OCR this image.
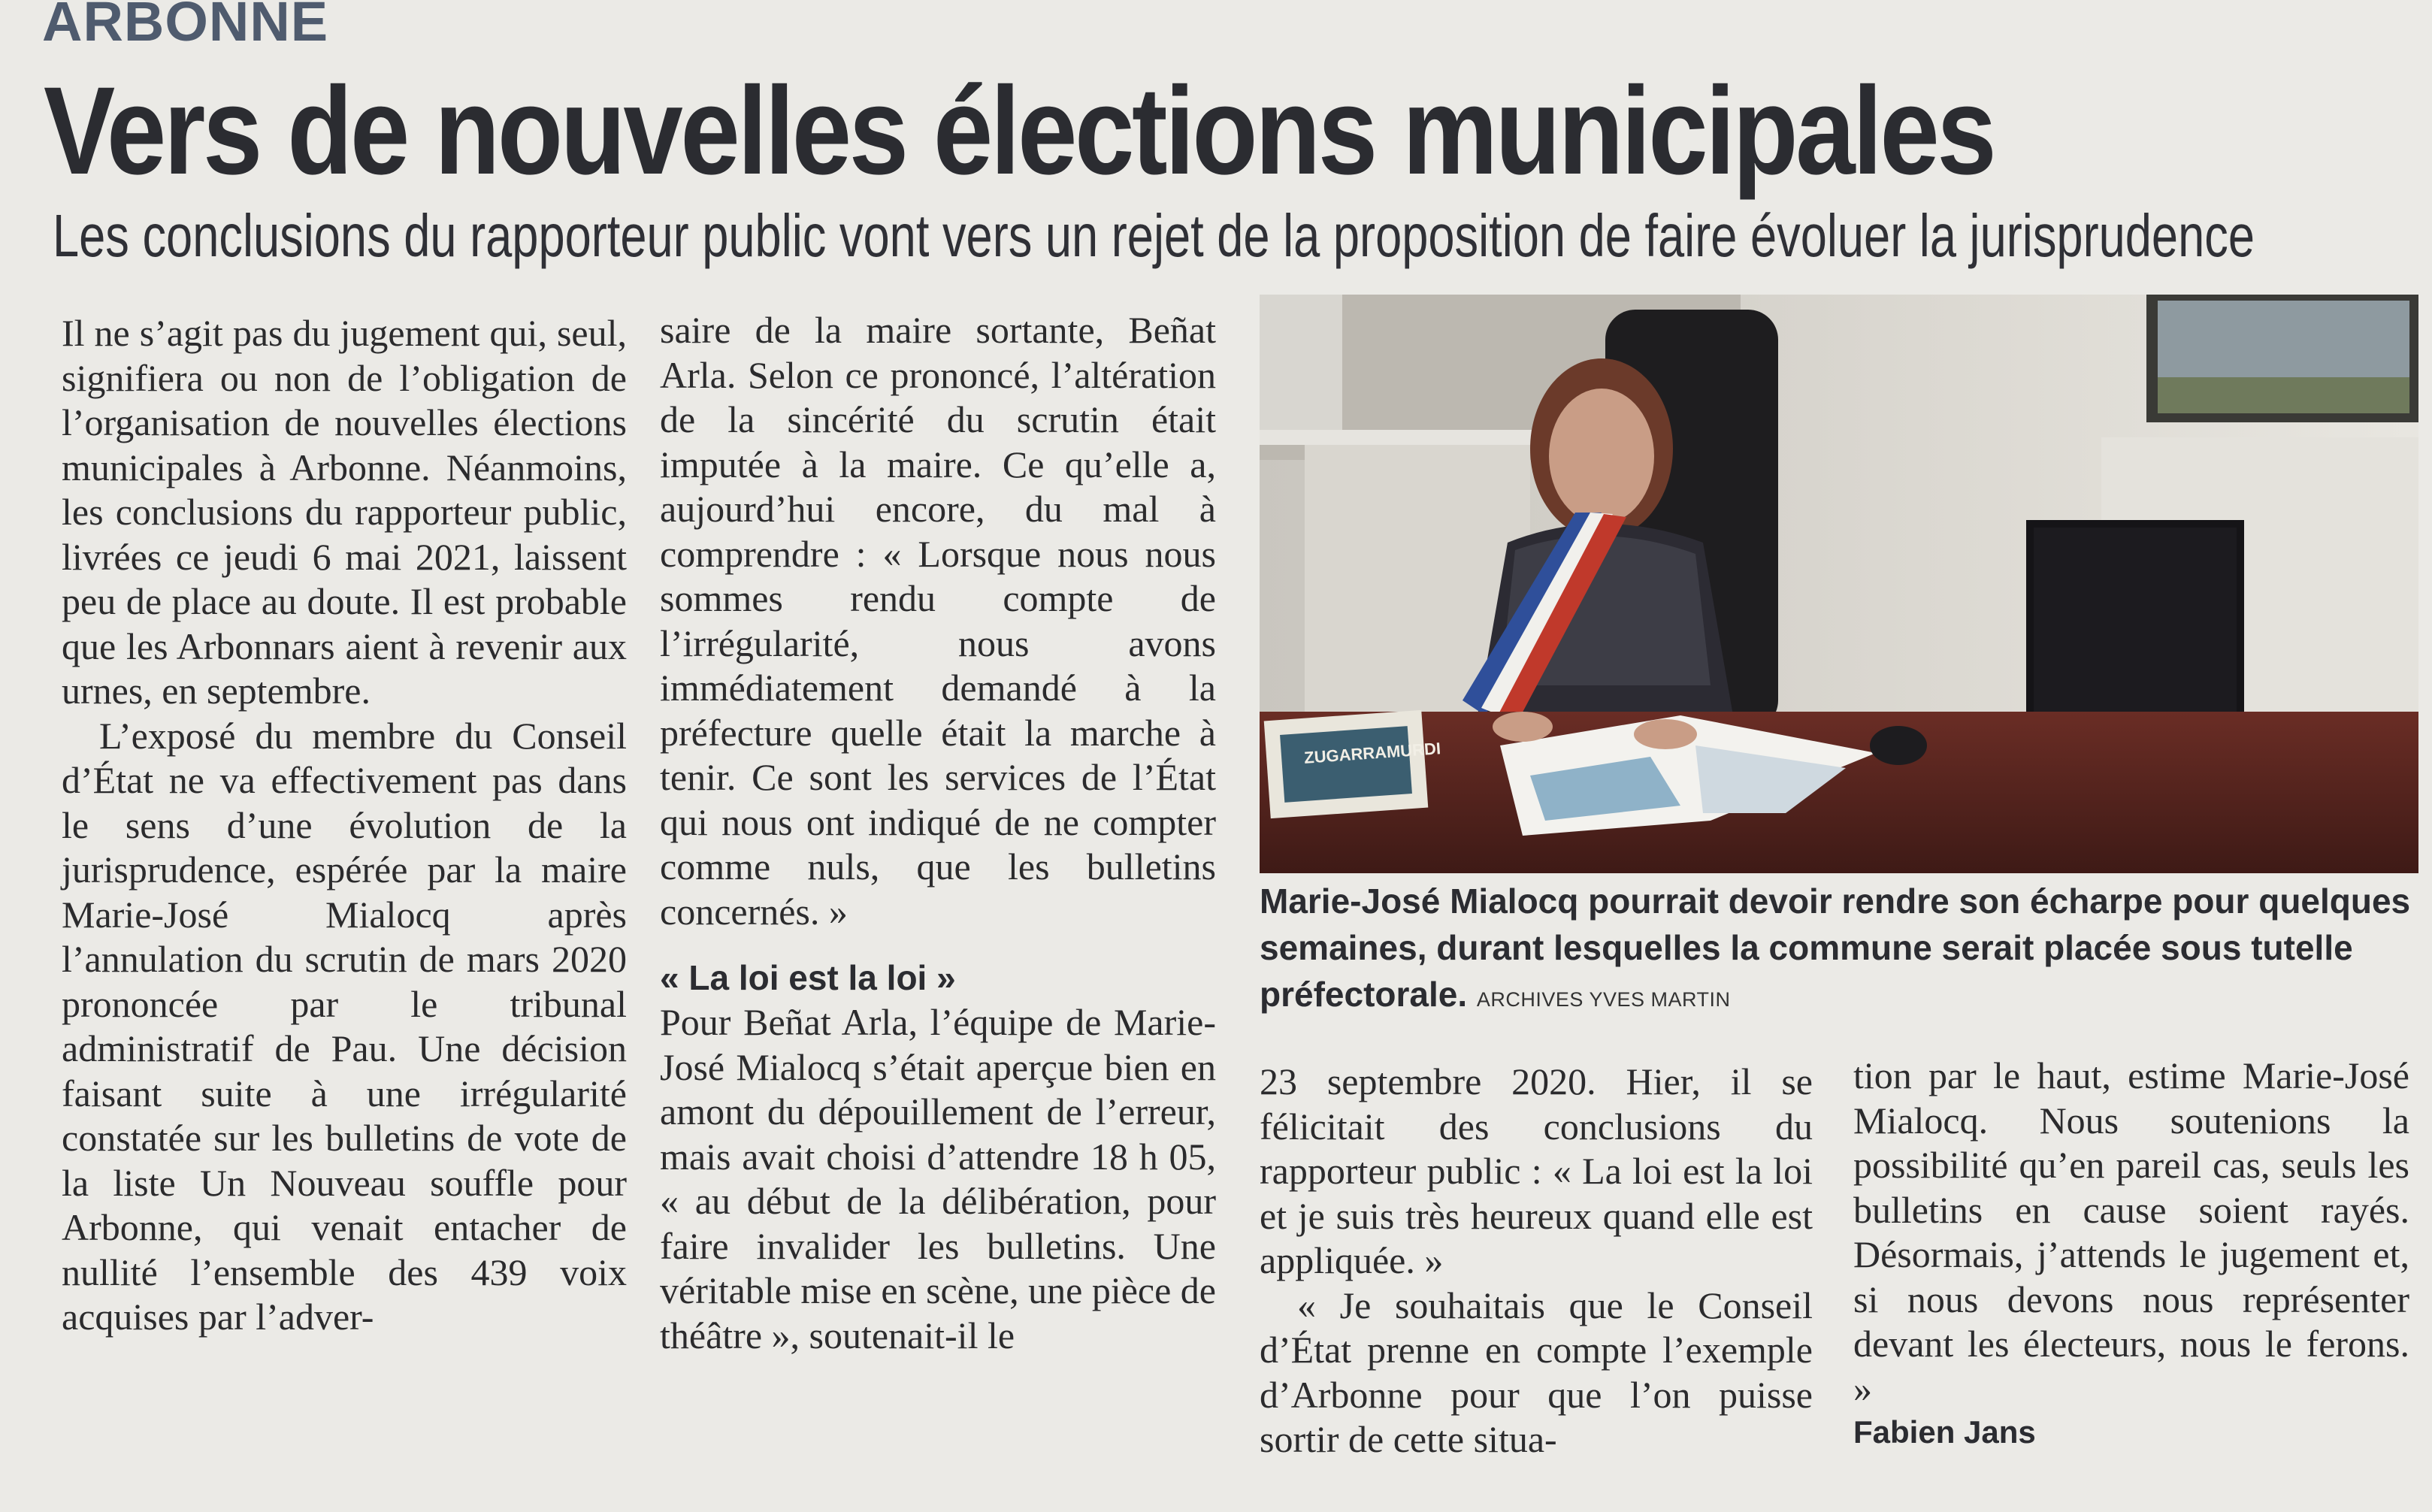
ARBONNE
Vers de nouvelles élections municipales
Les conclusions du rapporteur public vont vers un rejet de la proposition de faire évoluer la jurisprudence

Il ne s’agit pas du jugement qui, seul, signifiera ou non de l’obligation de l’organisation de nouvelles élections municipales à Arbonne. Néanmoins, les conclusions du rapporteur public, livrées ce jeudi 6 mai 2021, laissent peu de place au doute. Il est probable que les Arbonnars aient à revenir aux urnes, en septembre.

L’exposé du membre du Conseil d’État ne va effectivement pas dans le sens d’une évolution de la jurisprudence, espérée par la maire Marie-José Mialocq après l’annulation du scrutin de mars 2020 prononcée par le tribunal administratif de Pau. Une décision faisant suite à une irrégularité constatée sur les bulletins de vote de la liste Un Nouveau souffle pour Arbonne, qui venait entacher de nullité l’ensemble des 439 voix acquises par l’adver-

saire de la maire sortante, Beñat Arla. Selon ce prononcé, l’altération de la sincérité du scrutin était imputée à la maire. Ce qu’elle a, aujourd’hui encore, du mal à comprendre : « Lorsque nous nous sommes rendu compte de l’irrégularité, nous avons immédiatement demandé à la préfecture quelle était la marche à tenir. Ce sont les services de l’État qui nous ont indiqué de ne compter comme nuls, que les bulletins concernés. »

« La loi est la loi »

Pour Beñat Arla, l’équipe de Marie-José Mialocq s’était aperçue bien en amont du dépouillement de l’erreur, mais avait choisi d’attendre 18 h 05, « au début de la délibération, pour faire invalider les bulletins. Une véritable mise en scène, une pièce de théâtre », soutenait-il le

ZUGARRAMURDI
Marie-José Mialocq pourrait devoir rendre son écharpe pour quelques semaines, durant lesquelles la commune serait placée sous tutelle préfectorale. ARCHIVES YVES MARTIN

23 septembre 2020. Hier, il se félicitait des conclusions du rapporteur public : « La loi est la loi et je suis très heureux quand elle est appliquée. »

« Je souhaitais que le Conseil d’État prenne en compte l’exemple d’Arbonne pour que l’on puisse sortir de cette situa-

tion par le haut, estime Marie-José Mialocq. Nous soutenions la possibilité qu’en pareil cas, seuls les bulletins en cause soient rayés. Désormais, j’attends le jugement et, si nous devons nous représenter devant les électeurs, nous le ferons. »

Fabien Jans
